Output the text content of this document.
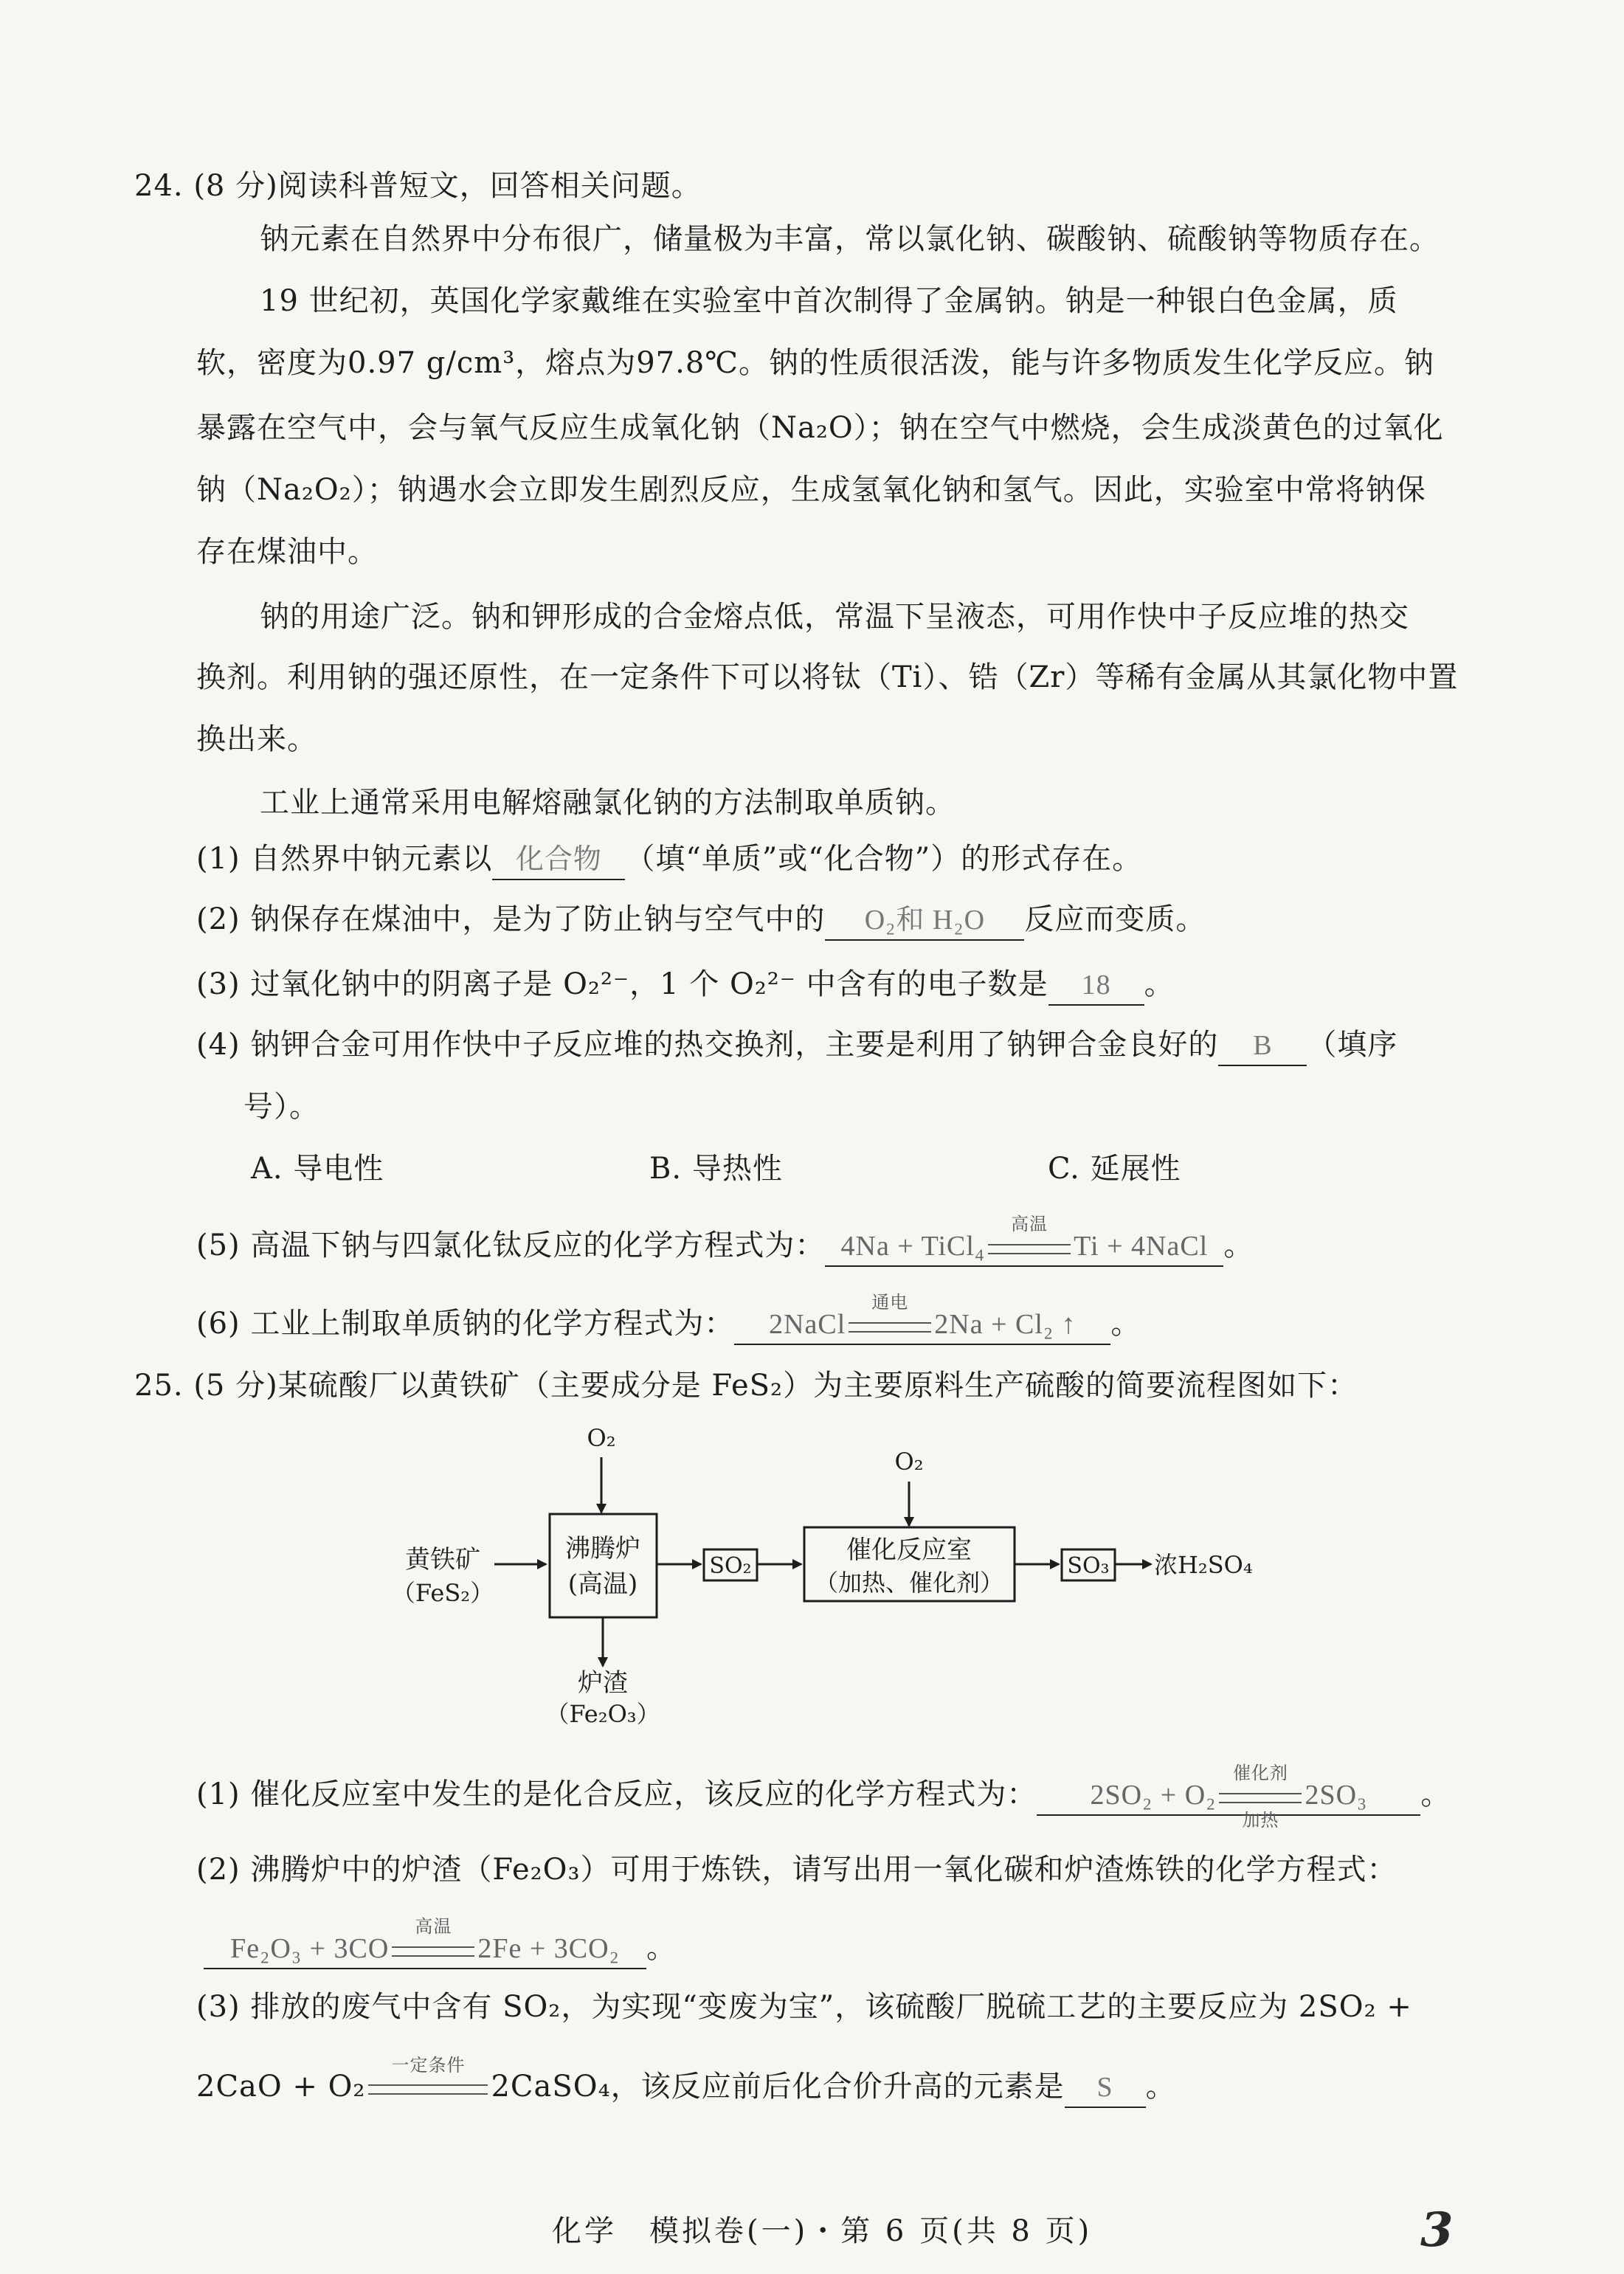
24. (8 分)阅读科普短文，回答相关问题。
钠元素在自然界中分布很广，储量极为丰富，常以氯化钠、碳酸钠、硫酸钠等物质存在。
19 世纪初，英国化学家戴维在实验室中首次制得了金属钠。钠是一种银白色金属，质
软，密度为0.97 g/cm³，熔点为97.8℃。钠的性质很活泼，能与许多物质发生化学反应。钠
暴露在空气中，会与氧气反应生成氧化钠（Na₂O）；钠在空气中燃烧，会生成淡黄色的过氧化
钠（Na₂O₂）；钠遇水会立即发生剧烈反应，生成氢氧化钠和氢气。因此，实验室中常将钠保
存在煤油中。
钠的用途广泛。钠和钾形成的合金熔点低，常温下呈液态，可用作快中子反应堆的热交
换剂。利用钠的强还原性，在一定条件下可以将钛（Ti）、锆（Zr）等稀有金属从其氯化物中置
换出来。
工业上通常采用电解熔融氯化钠的方法制取单质钠。
(1) 自然界中钠元素以 化合物 （填“单质”或“化合物”）的形式存在。
(2) 钠保存在煤油中，是为了防止钠与空气中的 O₂和 H₂O 反应而变质。
(3) 过氧化钠中的阴离子是 O₂²⁻，1 个 O₂²⁻ 中含有的电子数是 18 。
(4) 钠钾合金可用作快中子反应堆的热交换剂，主要是利用了钠钾合金良好的 B （填序
号）。
A. 导电性	B. 导热性	C. 延展性
(5) 高温下钠与四氯化钛反应的化学方程式为： 4Na + TiCl₄
高温
Ti + 4NaCl 。
(6) 工业上制取单质钠的化学方程式为： 2NaCl
通电
2Na + Cl₂ ↑ 。
25. (5 分)某硫酸厂以黄铁矿（主要成分是 FeS₂）为主要原料生产硫酸的简要流程图如下：
O₂
黄铁矿
（FeS₂）
沸腾炉
(高温)
炉渣
（Fe₂O₃）
SO₂
O₂
催化反应室
（加热、催化剂）
SO₃ 浓H₂SO₄
(1) 催化反应室中发生的是化合反应，该反应的化学方程式为： 2SO₂ + O₂
催化剂
加热
2SO₃ 。
(2) 沸腾炉中的炉渣（Fe₂O₃）可用于炼铁，请写出用一氧化碳和炉渣炼铁的化学方程式：
Fe₂O₃ + 3CO
高温
2Fe + 3CO₂ 。
(3) 排放的废气中含有 SO₂，为实现“变废为宝”，该硫酸厂脱硫工艺的主要反应为 2SO₂ +
2CaO + O₂
一定条件
2CaSO₄，该反应前后化合价升高的元素是 S 。
化学　模拟卷(一)・第 6 页(共 8 页)	3
